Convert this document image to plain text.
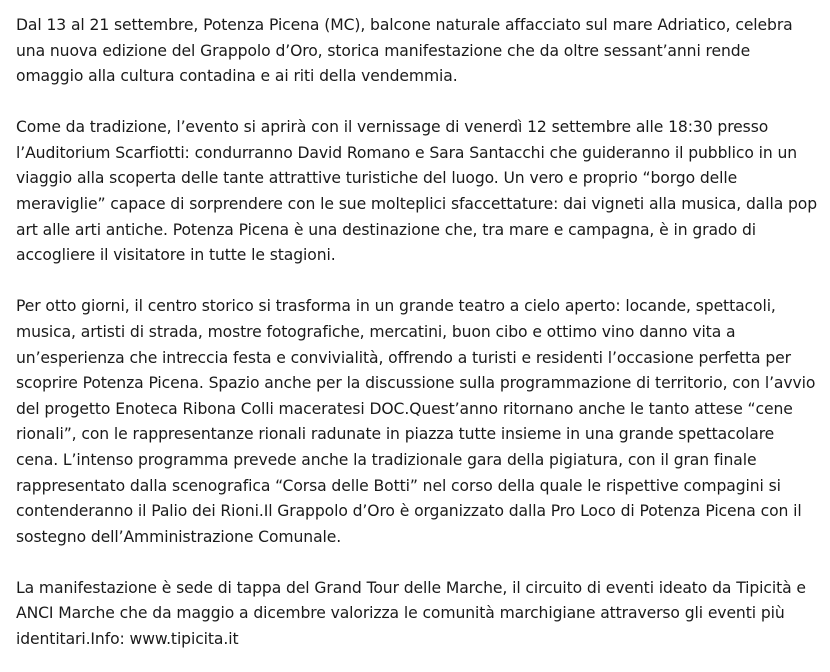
Dal 13 al 21 settembre, Potenza Picena (MC), balcone naturale affacciato sul mare Adriatico, celebra una nuova edizione del Grappolo d’Oro, storica manifestazione che da oltre sessant’anni rende omaggio alla cultura contadina e ai riti della vendemmia.

Come da tradizione, l’evento si aprirà con il vernissage di venerdì 12 settembre alle 18:30 presso l’Auditorium Scarfiotti: condurranno David Romano e Sara Santacchi che guideranno il pubblico in un viaggio alla scoperta delle tante attrattive turistiche del luogo. Un vero e proprio “borgo delle meraviglie” capace di sorprendere con le sue molteplici sfaccettature: dai vigneti alla musica, dalla pop art alle arti antiche. Potenza Picena è una destinazione che, tra mare e campagna, è in grado di accogliere il visitatore in tutte le stagioni.

Per otto giorni, il centro storico si trasforma in un grande teatro a cielo aperto: locande, spettacoli, musica, artisti di strada, mostre fotografiche, mercatini, buon cibo e ottimo vino danno vita a un’esperienza che intreccia festa e convivialità, offrendo a turisti e residenti l’occasione perfetta per scoprire Potenza Picena. Spazio anche per la discussione sulla programmazione di territorio, con l’avvio del progetto Enoteca Ribona Colli maceratesi DOC.Quest’anno ritornano anche le tanto attese “cene rionali”, con le rappresentanze rionali radunate in piazza tutte insieme in una grande spettacolare cena. L’intenso programma prevede anche la tradizionale gara della pigiatura, con il gran finale rappresentato dalla scenografica “Corsa delle Botti” nel corso della quale le rispettive compagini si contenderanno il Palio dei Rioni.Il Grappolo d’Oro è organizzato dalla Pro Loco di Potenza Picena con il sostegno dell’Amministrazione Comunale.

La manifestazione è sede di tappa del Grand Tour delle Marche, il circuito di eventi ideato da Tipicità e ANCI Marche che da maggio a dicembre valorizza le comunità marchigiane attraverso gli eventi più identitari.Info: www.tipicita.it
